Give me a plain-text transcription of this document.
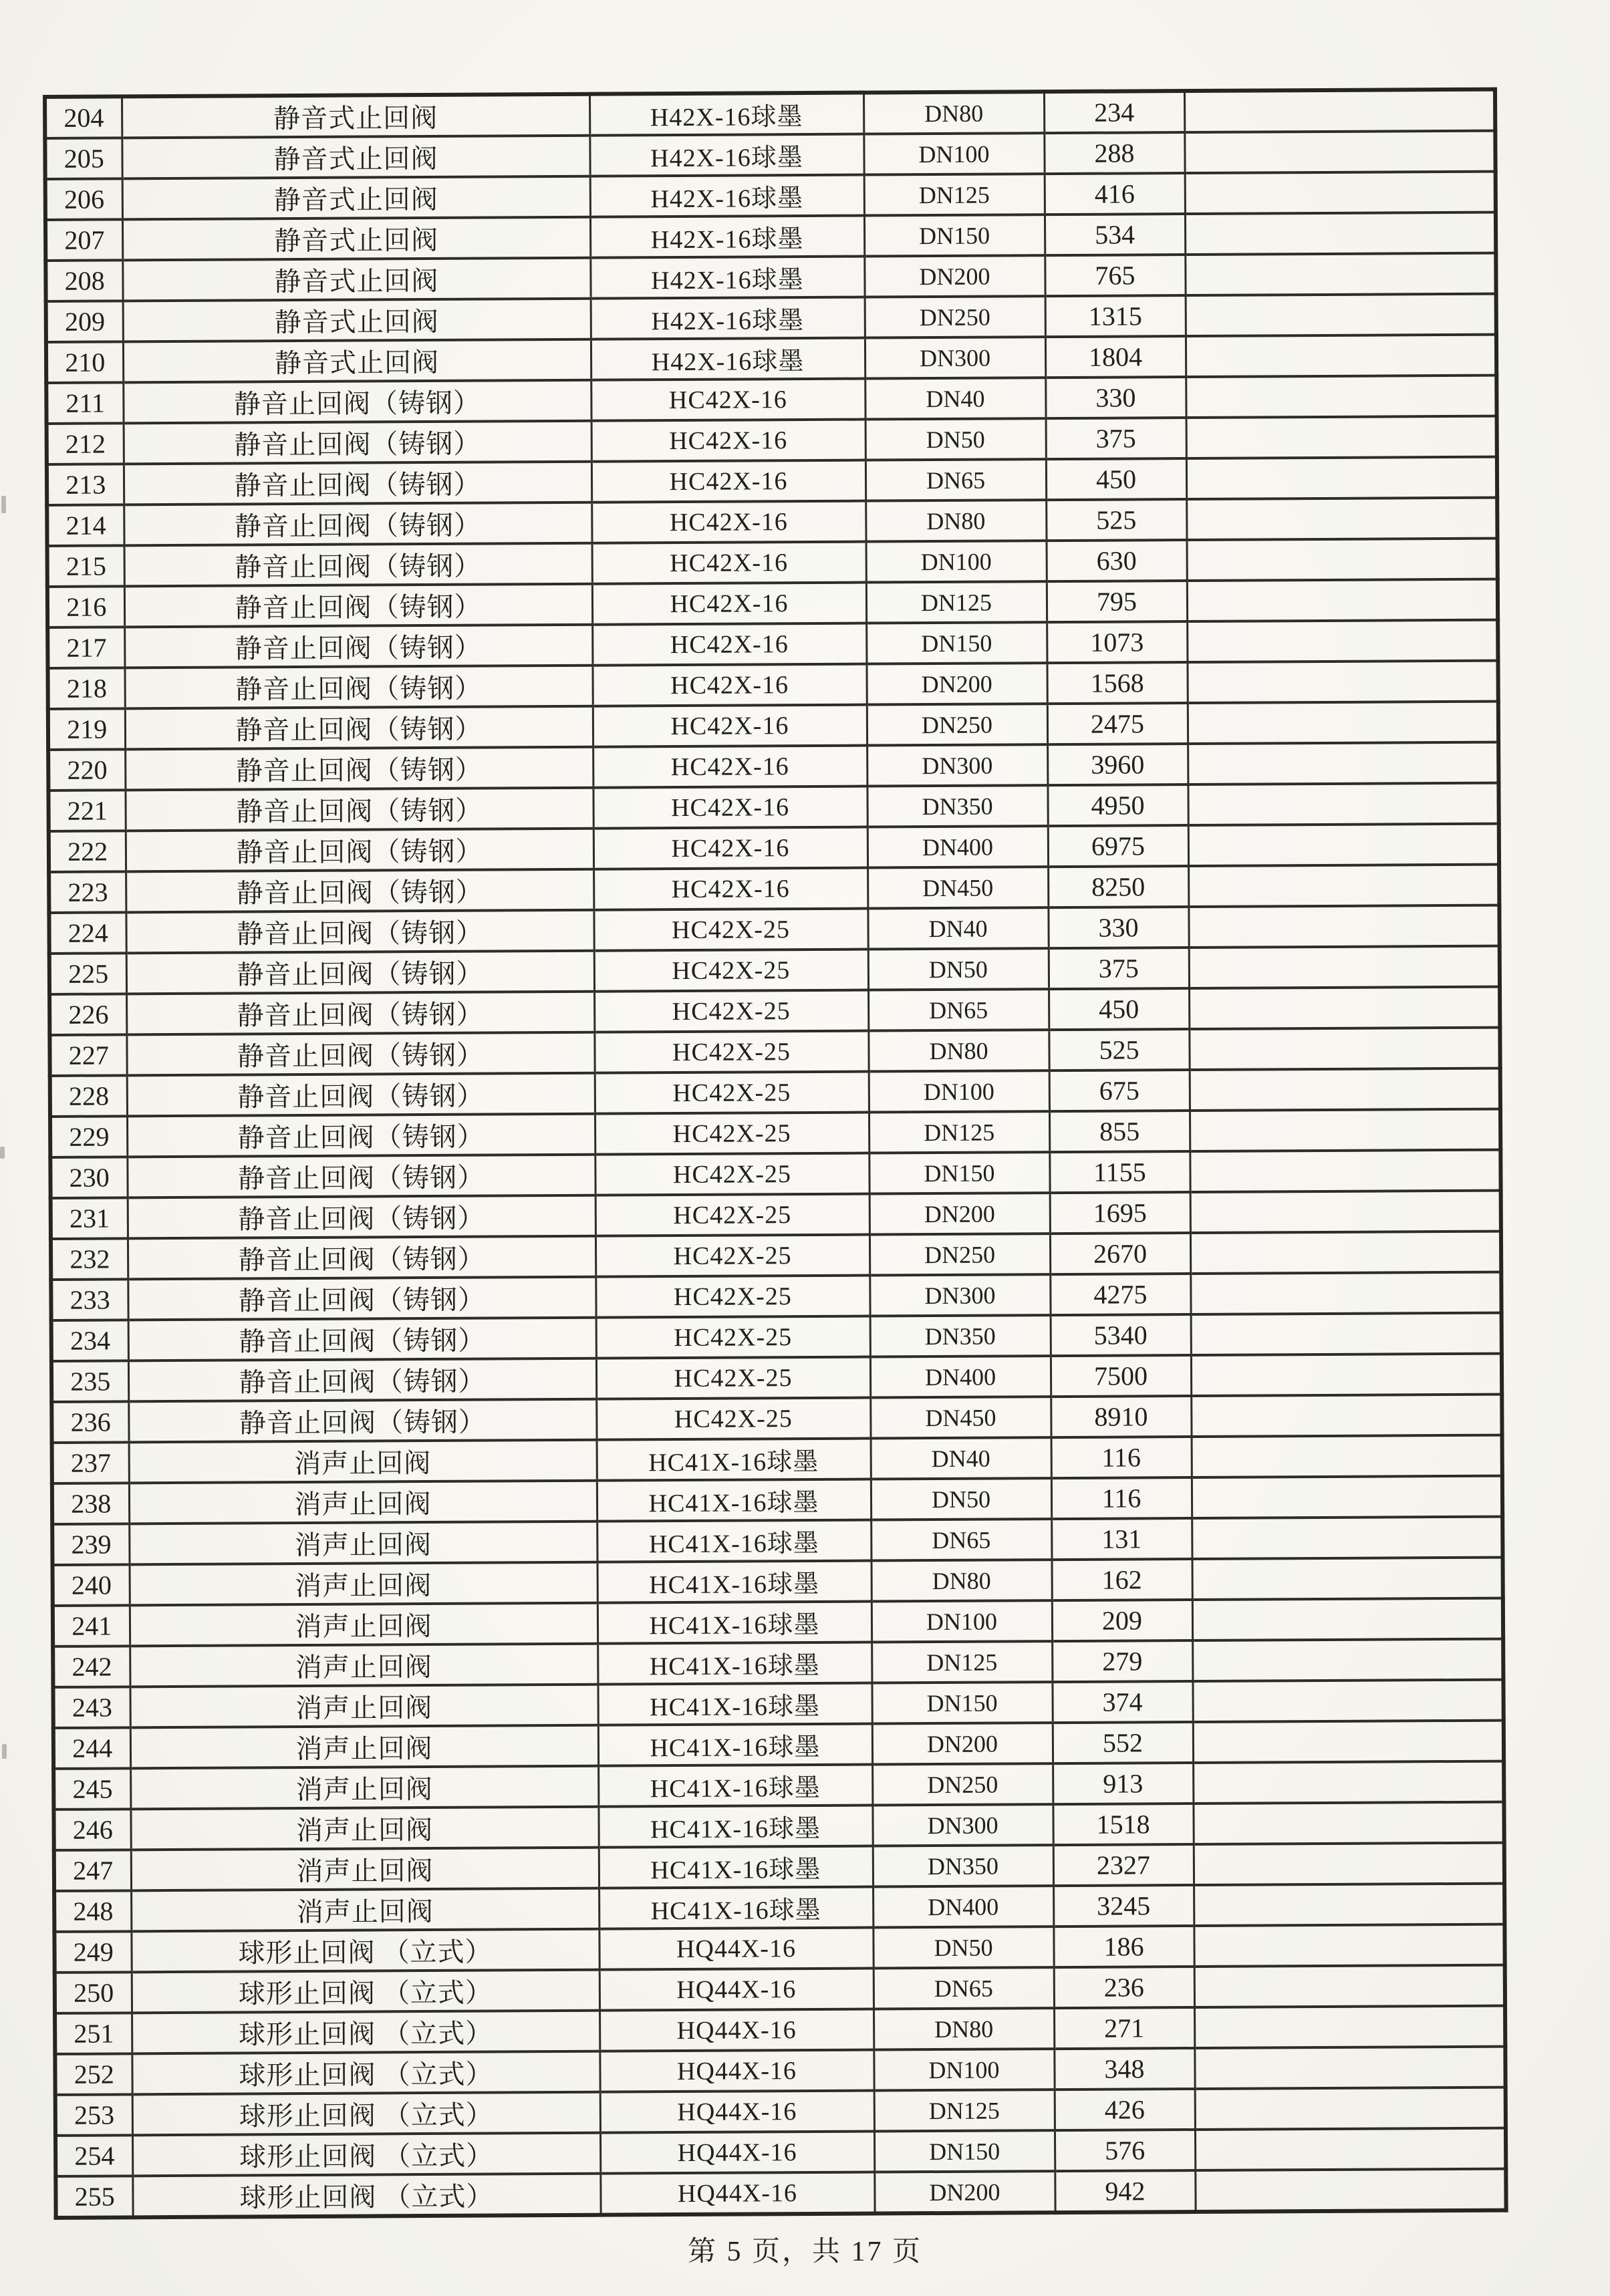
204	静音式止回阀	H42X-16球墨	DN80	234	
205	静音式止回阀	H42X-16球墨	DN100	288	
206	静音式止回阀	H42X-16球墨	DN125	416	
207	静音式止回阀	H42X-16球墨	DN150	534	
208	静音式止回阀	H42X-16球墨	DN200	765	
209	静音式止回阀	H42X-16球墨	DN250	1315	
210	静音式止回阀	H42X-16球墨	DN300	1804	
211	静音止回阀（铸钢）	HC42X-16	DN40	330	
212	静音止回阀（铸钢）	HC42X-16	DN50	375	
213	静音止回阀（铸钢）	HC42X-16	DN65	450	
214	静音止回阀（铸钢）	HC42X-16	DN80	525	
215	静音止回阀（铸钢）	HC42X-16	DN100	630	
216	静音止回阀（铸钢）	HC42X-16	DN125	795	
217	静音止回阀（铸钢）	HC42X-16	DN150	1073	
218	静音止回阀（铸钢）	HC42X-16	DN200	1568	
219	静音止回阀（铸钢）	HC42X-16	DN250	2475	
220	静音止回阀（铸钢）	HC42X-16	DN300	3960	
221	静音止回阀（铸钢）	HC42X-16	DN350	4950	
222	静音止回阀（铸钢）	HC42X-16	DN400	6975	
223	静音止回阀（铸钢）	HC42X-16	DN450	8250	
224	静音止回阀（铸钢）	HC42X-25	DN40	330	
225	静音止回阀（铸钢）	HC42X-25	DN50	375	
226	静音止回阀（铸钢）	HC42X-25	DN65	450	
227	静音止回阀（铸钢）	HC42X-25	DN80	525	
228	静音止回阀（铸钢）	HC42X-25	DN100	675	
229	静音止回阀（铸钢）	HC42X-25	DN125	855	
230	静音止回阀（铸钢）	HC42X-25	DN150	1155	
231	静音止回阀（铸钢）	HC42X-25	DN200	1695	
232	静音止回阀（铸钢）	HC42X-25	DN250	2670	
233	静音止回阀（铸钢）	HC42X-25	DN300	4275	
234	静音止回阀（铸钢）	HC42X-25	DN350	5340	
235	静音止回阀（铸钢）	HC42X-25	DN400	7500	
236	静音止回阀（铸钢）	HC42X-25	DN450	8910	
237	消声止回阀	HC41X-16球墨	DN40	116	
238	消声止回阀	HC41X-16球墨	DN50	116	
239	消声止回阀	HC41X-16球墨	DN65	131	
240	消声止回阀	HC41X-16球墨	DN80	162	
241	消声止回阀	HC41X-16球墨	DN100	209	
242	消声止回阀	HC41X-16球墨	DN125	279	
243	消声止回阀	HC41X-16球墨	DN150	374	
244	消声止回阀	HC41X-16球墨	DN200	552	
245	消声止回阀	HC41X-16球墨	DN250	913	
246	消声止回阀	HC41X-16球墨	DN300	1518	
247	消声止回阀	HC41X-16球墨	DN350	2327	
248	消声止回阀	HC41X-16球墨	DN400	3245	
249	球形止回阀 （立式）	HQ44X-16	DN50	186	
250	球形止回阀 （立式）	HQ44X-16	DN65	236	
251	球形止回阀 （立式）	HQ44X-16	DN80	271	
252	球形止回阀 （立式）	HQ44X-16	DN100	348	
253	球形止回阀 （立式）	HQ44X-16	DN125	426	
254	球形止回阀 （立式）	HQ44X-16	DN150	576	
255	球形止回阀 （立式）	HQ44X-16	DN200	942	
第 5 页，共 17 页
